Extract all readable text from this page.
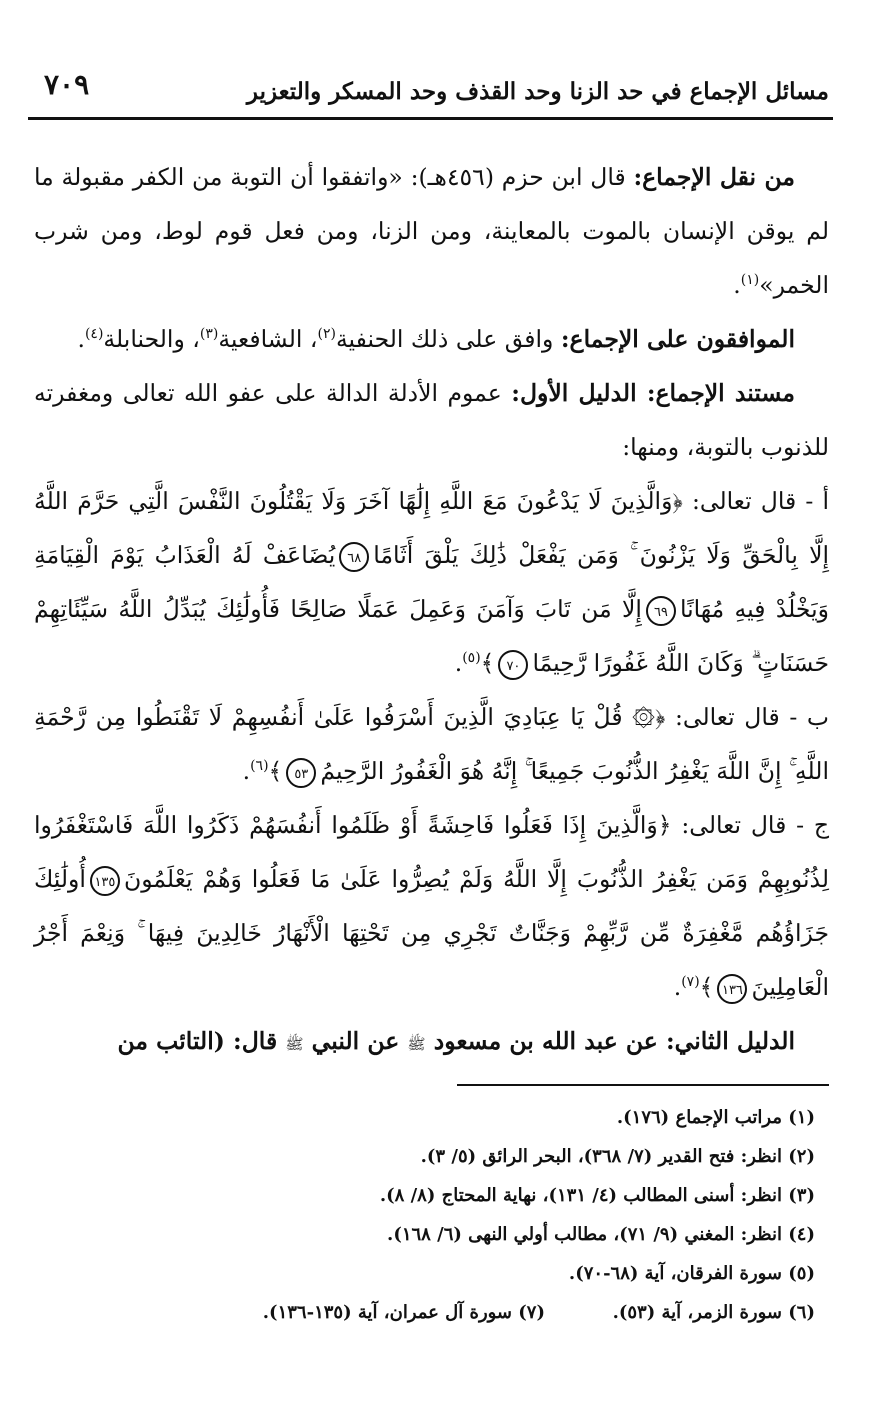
مسائل الإجماع في حد الزنا وحد القذف وحد المسكر والتعزير
٧٠٩

من نقل الإجماع: قال ابن حزم (٤٥٦هـ): «واتفقوا أن التوبة من الكفر مقبولة ما لم يوقن الإنسان بالموت بالمعاينة، ومن الزنا، ومن فعل قوم لوط، ومن شرب الخمر»$^{(١)}$.

الموافقون على الإجماع: وافق على ذلك الحنفية$^{(٢)}$، الشافعية$^{(٣)}$، والحنابلة$^{(٤)}$.

مستند الإجماع: الدليل الأول: عموم الأدلة الدالة على عفو الله تعالى ومغفرته للذنوب بالتوبة، ومنها:

أ - قال تعالى: ﴿وَالَّذِينَ لَا يَدْعُونَ مَعَ اللَّهِ إِلَٰهًا آخَرَ وَلَا يَقْتُلُونَ النَّفْسَ الَّتِي حَرَّمَ اللَّهُ إِلَّا بِالْحَقِّ وَلَا يَزْنُونَ ۚ وَمَن يَفْعَلْ ذَٰلِكَ يَلْقَ أَثَامًا٦٨يُضَاعَفْ لَهُ الْعَذَابُ يَوْمَ الْقِيَامَةِ وَيَخْلُدْ فِيهِ مُهَانًا٦٩إِلَّا مَن تَابَ وَآمَنَ وَعَمِلَ عَمَلًا صَالِحًا فَأُولَٰئِكَ يُبَدِّلُ اللَّهُ سَيِّئَاتِهِمْ حَسَنَاتٍ ۗ وَكَانَ اللَّهُ غَفُورًا رَّحِيمًا٧٠﴾$^{(٥)}$.

ب - قال تعالى: ﴿۞ قُلْ يَا عِبَادِيَ الَّذِينَ أَسْرَفُوا عَلَىٰ أَنفُسِهِمْ لَا تَقْنَطُوا مِن رَّحْمَةِ اللَّهِ ۚ إِنَّ اللَّهَ يَغْفِرُ الذُّنُوبَ جَمِيعًا ۚ إِنَّهُ هُوَ الْغَفُورُ الرَّحِيمُ٥٣﴾$^{(٦)}$.

ج - قال تعالى: ﴿وَالَّذِينَ إِذَا فَعَلُوا فَاحِشَةً أَوْ ظَلَمُوا أَنفُسَهُمْ ذَكَرُوا اللَّهَ فَاسْتَغْفَرُوا لِذُنُوبِهِمْ وَمَن يَغْفِرُ الذُّنُوبَ إِلَّا اللَّهُ وَلَمْ يُصِرُّوا عَلَىٰ مَا فَعَلُوا وَهُمْ يَعْلَمُونَ١٣٥أُولَٰئِكَ جَزَاؤُهُم مَّغْفِرَةٌ مِّن رَّبِّهِمْ وَجَنَّاتٌ تَجْرِي مِن تَحْتِهَا الْأَنْهَارُ خَالِدِينَ فِيهَا ۚ وَنِعْمَ أَجْرُ الْعَامِلِينَ١٣٦﴾$^{(٧)}$.

الدليل الثاني: عن عبد الله بن مسعود ﷺ عن النبي ﷺ قال: (التائب من

(١) مراتب الإجماع (١٧٦).
(٢) انظر: فتح القدير (٧/ ٣٦٨)، البحر الرائق (٥/ ٣).
(٣) انظر: أسنى المطالب (٤/ ١٣١)، نهاية المحتاج (٨/ ٨).
(٤) انظر: المغني (٩/ ٧١)، مطالب أولي النهى (٦/ ١٦٨).
(٥) سورة الفرقان، آية (٦٨-٧٠).
(٦) سورة الزمر، آية (٥٣).
(٧) سورة آل عمران، آية (١٣٥-١٣٦).
